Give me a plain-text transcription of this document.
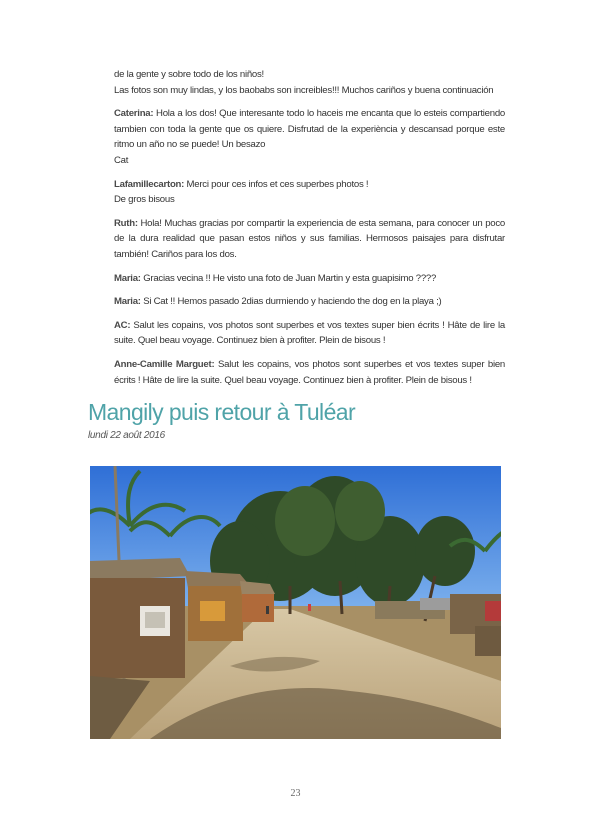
de la gente y sobre todo de los niños!

Las fotos son muy lindas, y los baobabs son increibles!!! Muchos cariños y buena continuación

Caterina: Hola a los dos! Que interesante todo lo haceis me encanta que lo esteis compartiendo tambien con toda la gente que os quiere. Disfrutad de la experiència y descansad porque este ritmo un año no se puede! Un besazo

Cat

Lafamillecarton: Merci pour ces infos et ces superbes photos !

De gros bisous

Ruth: Hola! Muchas gracias por compartir la experiencia de esta semana, para conocer un poco de la dura realidad que pasan estos niños y sus familias. Hermosos paisajes para disfrutar también! Cariños para los dos.

Maria: Gracias vecina !! He visto una foto de Juan Martin y esta guapisimo ????

Maria: Si Cat !! Hemos pasado 2dias durmiendo y haciendo the dog en la playa ;)

AC: Salut les copains, vos photos sont superbes et vos textes super bien écrits ! Hâte de lire la suite. Quel beau voyage. Continuez bien à profiter. Plein de bisous !

Anne-Camille Marguet: Salut les copains, vos photos sont superbes et vos textes super bien écrits ! Hâte de lire la suite. Quel beau voyage. Continuez bien à profiter. Plein de bisous !

Mangily puis retour à Tuléar
lundi 22 août 2016
23
